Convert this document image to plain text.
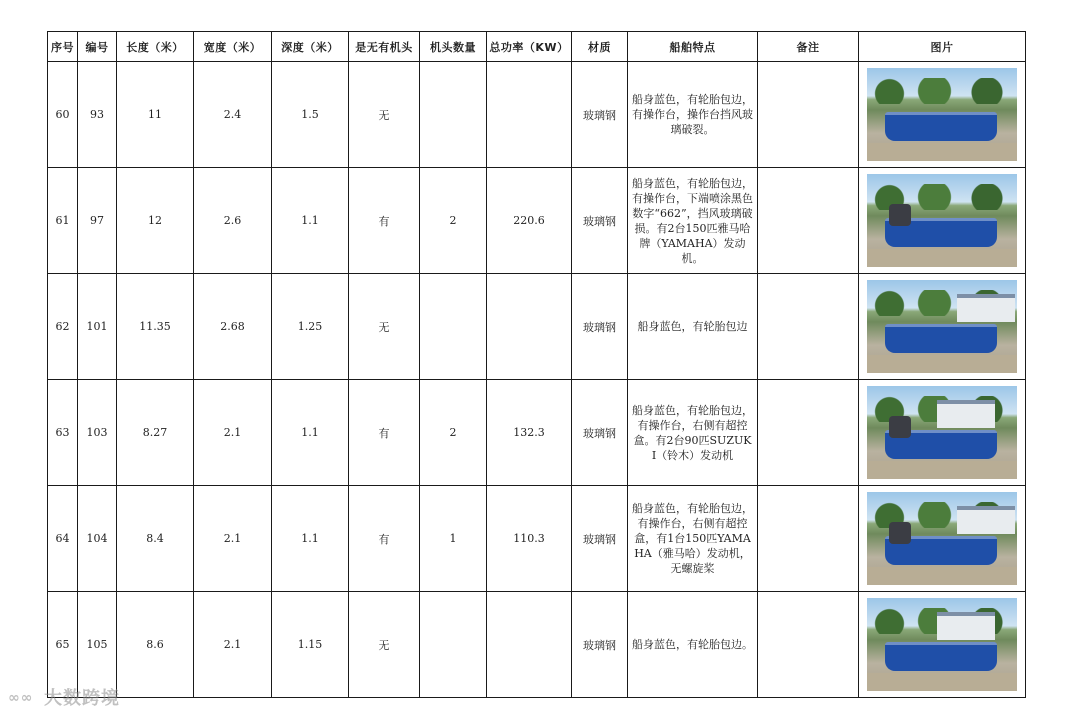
序号	编号	长度（米）	宽度（米）	深度（米）	是无有机头	机头数量	总功率（KW）	材质	船舶特点	备注	图片
60	93	11	2.4	1.5	无			玻璃钢	船身蓝色，有轮胎包边，有操作台，操作台挡风玻璃破裂。		

61	97	12	2.6	1.1	有	2	220.6	玻璃钢	船身蓝色，有轮胎包边，有操作台，下端喷涂黑色数字“662”，挡风玻璃破损。有2台150匹雅马哈牌（YAMAHA）发动机。		

62	101	11.35	2.68	1.25	无			玻璃钢	船身蓝色，有轮胎包边		

63	103	8.27	2.1	1.1	有	2	132.3	玻璃钢	船身蓝色，有轮胎包边，有操作台，右侧有超控盒。有2台90匹SUZUKI（铃木）发动机		

64	104	8.4	2.1	1.1	有	1	110.3	玻璃钢	船身蓝色，有轮胎包边，有操作台，右侧有超控盒，有1台150匹YAMAHA（雅马哈）发动机，无螺旋桨		

65	105	8.6	2.1	1.15	无			玻璃钢	船身蓝色，有轮胎包边。		
∞∞ 大数跨境
